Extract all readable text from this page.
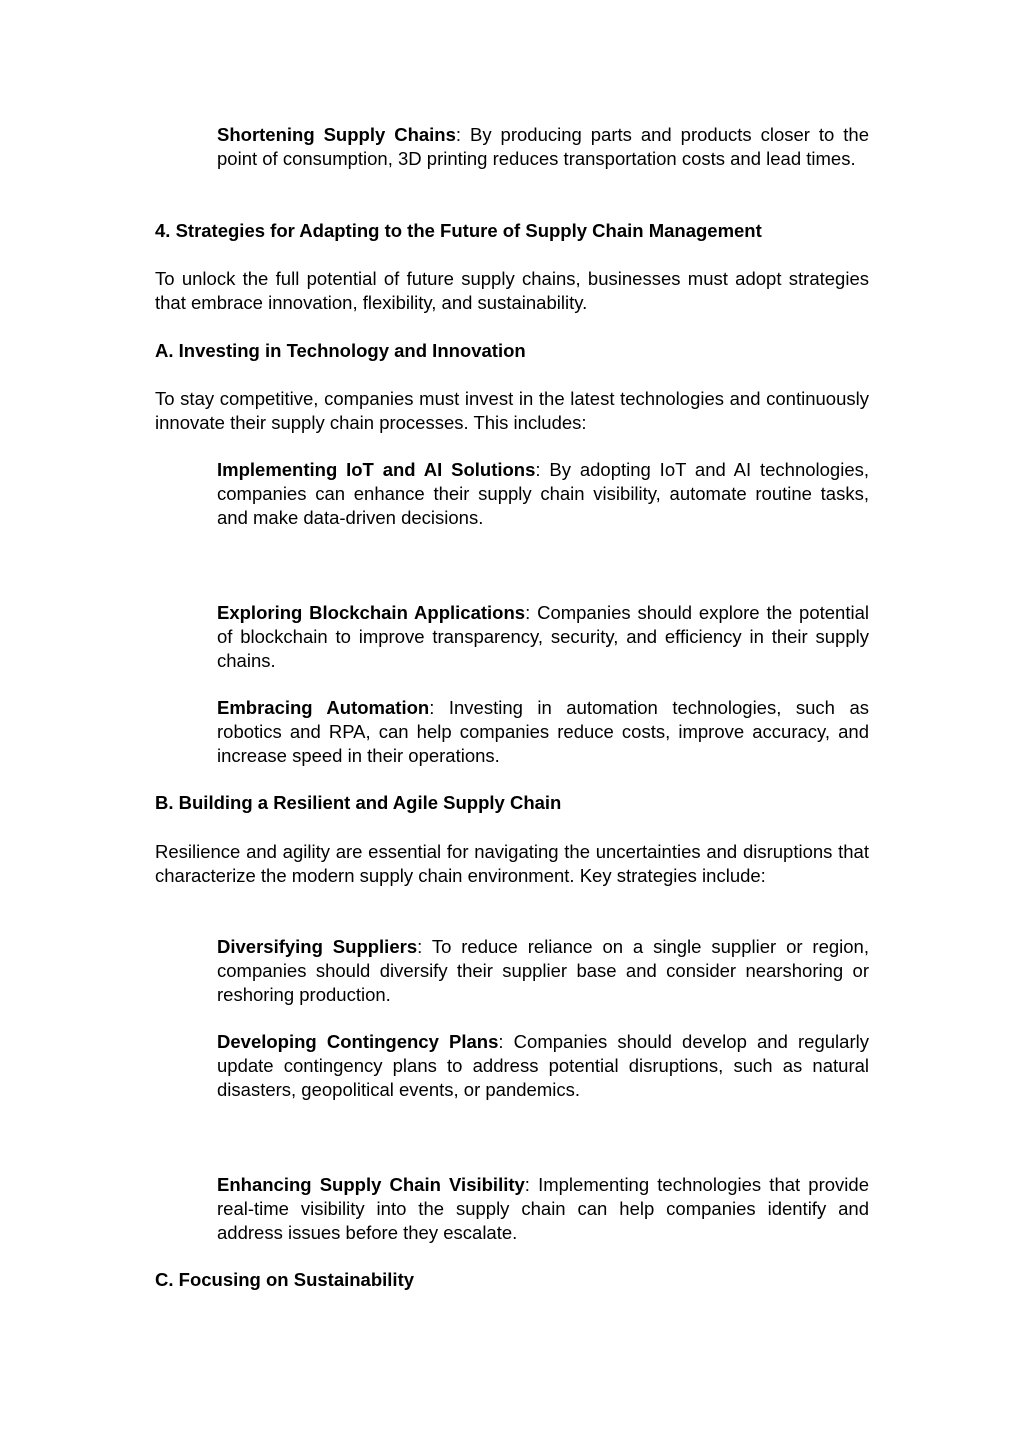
Shortening Supply Chains: By producing parts and products closer to the point of consumption, 3D printing reduces transportation costs and lead times.

4. Strategies for Adapting to the Future of Supply Chain Management

To unlock the full potential of future supply chains, businesses must adopt strategies that embrace innovation, flexibility, and sustainability.

A. Investing in Technology and Innovation

To stay competitive, companies must invest in the latest technologies and continuously innovate their supply chain processes. This includes:

Implementing IoT and AI Solutions: By adopting IoT and AI technologies, companies can enhance their supply chain visibility, automate routine tasks, and make data-driven decisions.

Exploring Blockchain Applications: Companies should explore the potential of blockchain to improve transparency, security, and efficiency in their supply chains.

Embracing Automation: Investing in automation technologies, such as robotics and RPA, can help companies reduce costs, improve accuracy, and increase speed in their operations.

B. Building a Resilient and Agile Supply Chain

Resilience and agility are essential for navigating the uncertainties and disruptions that characterize the modern supply chain environment. Key strategies include:

Diversifying Suppliers: To reduce reliance on a single supplier or region, companies should diversify their supplier base and consider nearshoring or reshoring production.

Developing Contingency Plans: Companies should develop and regularly update contingency plans to address potential disruptions, such as natural disasters, geopolitical events, or pandemics.

Enhancing Supply Chain Visibility: Implementing technologies that provide real-time visibility into the supply chain can help companies identify and address issues before they escalate.

C. Focusing on Sustainability
